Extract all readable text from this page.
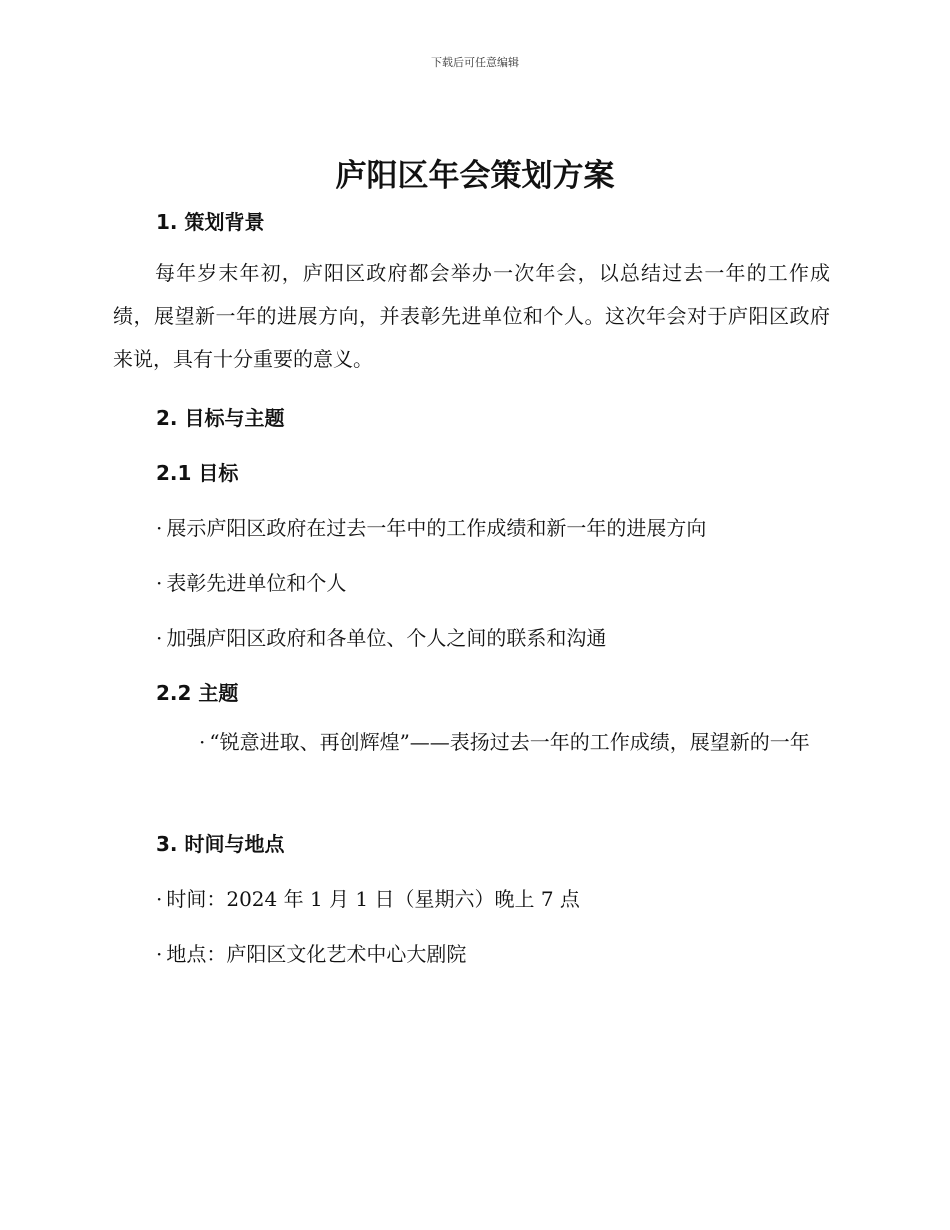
下载后可任意编辑
庐阳区年会策划方案
1. 策划背景

每年岁末年初，庐阳区政府都会举办一次年会，以总结过去一年的工作成绩，展望新一年的进展方向，并表彰先进单位和个人。这次年会对于庐阳区政府来说，具有十分重要的意义。

2. 目标与主题
2.1 目标

· 展示庐阳区政府在过去一年中的工作成绩和新一年的进展方向

· 表彰先进单位和个人

· 加强庐阳区政府和各单位、个人之间的联系和沟通

2.2 主题

· “锐意进取、再创辉煌”——表扬过去一年的工作成绩，展望新的一年

3. 时间与地点

· 时间：2024 年 1 月 1 日（星期六）晚上 7 点

· 地点：庐阳区文化艺术中心大剧院
